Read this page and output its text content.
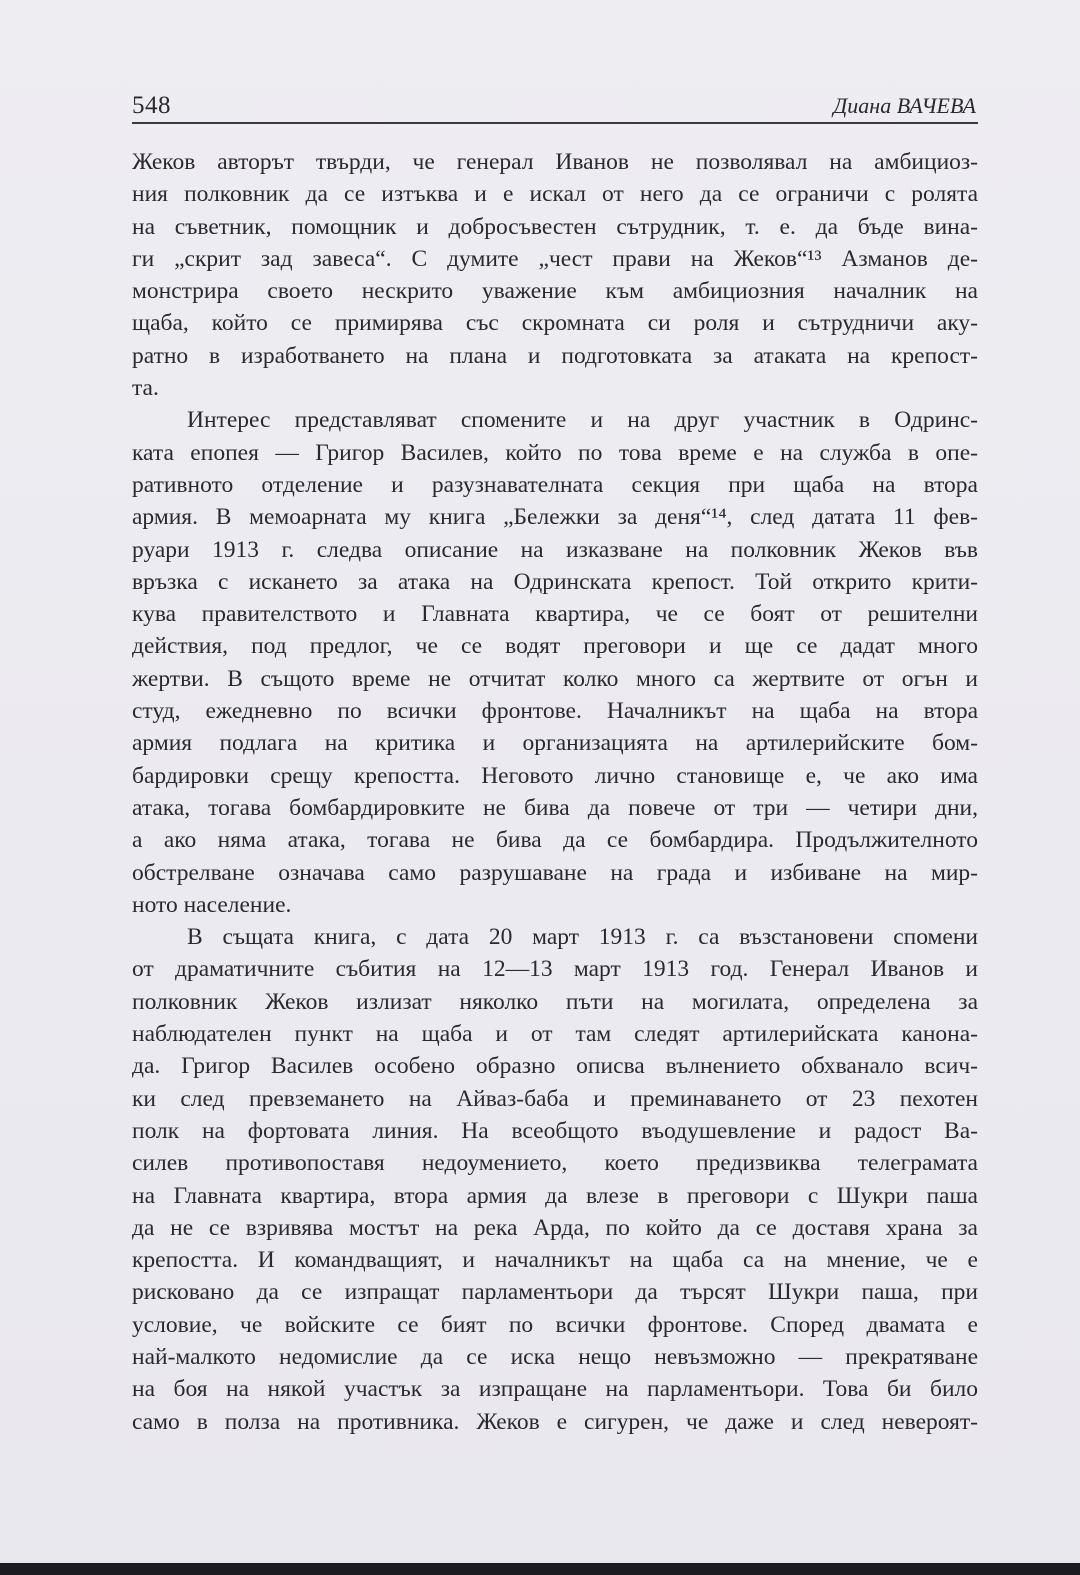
548	Диана ВАЧЕВА
Жеков авторът твърди, че генерал Иванов не позволявал на амбициоз-
ния полковник да се изтъква и е искал от него да се ограничи с ролята
на съветник, помощник и добросъвестен сътрудник, т. е. да бъде вина-
ги „скрит зад завеса“. С думите „чест прави на Жеков“¹³ Азманов де-
монстрира своето нескрито уважение към амбициозния началник на
щаба, който се примирява със скромната си роля и сътрудничи аку-
ратно в изработването на плана и подготовката за атаката на крепост-
та.
Интерес представляват спомените и на друг участник в Одринс-
ката епопея — Григор Василев, който по това време е на служба в опе-
ративното отделение и разузнавателната секция при щаба на втора
армия. В мемоарната му книга „Бележки за деня“¹⁴, след датата 11 фев-
руари 1913 г. следва описание на изказване на полковник Жеков във
връзка с искането за атака на Одринската крепост. Той открито крити-
кува правителството и Главната квартира, че се боят от решителни
действия, под предлог, че се водят преговори и ще се дадат много
жертви. В същото време не отчитат колко много са жертвите от огън и
студ, ежедневно по всички фронтове. Началникът на щаба на втора
армия подлага на критика и организацията на артилерийските бом-
бардировки срещу крепостта. Неговото лично становище е, че ако има
атака, тогава бомбардировките не бива да повече от три — четири дни,
а ако няма атака, тогава не бива да се бомбардира. Продължителното
обстрелване означава само разрушаване на града и избиване на мир-
ното население.
В същата книга, с дата 20 март 1913 г. са възстановени спомени
от драматичните събития на 12—13 март 1913 год. Генерал Иванов и
полковник Жеков излизат няколко пъти на могилата, определена за
наблюдателен пункт на щаба и от там следят артилерийската канона-
да. Григор Василев особено образно описва вълнението обхванало всич-
ки след превземането на Айваз-баба и преминаването от 23 пехотен
полк на фортовата линия. На всеобщото въодушевление и радост Ва-
силев противопоставя недоумението, което предизвиква телеграмата
на Главната квартира, втора армия да влезе в преговори с Шукри паша
да не се взривява мостът на река Арда, по който да се доставя храна за
крепостта. И командващият, и началникът на щаба са на мнение, че е
рисковано да се изпращат парламентьори да търсят Шукри паша, при
условие, че войските се бият по всички фронтове. Според двамата е
най-малкото недомислие да се иска нещо невъзможно — прекратяване
на боя на някой участък за изпращане на парламентьори. Това би било
само в полза на противника. Жеков е сигурен, че даже и след невероят-
